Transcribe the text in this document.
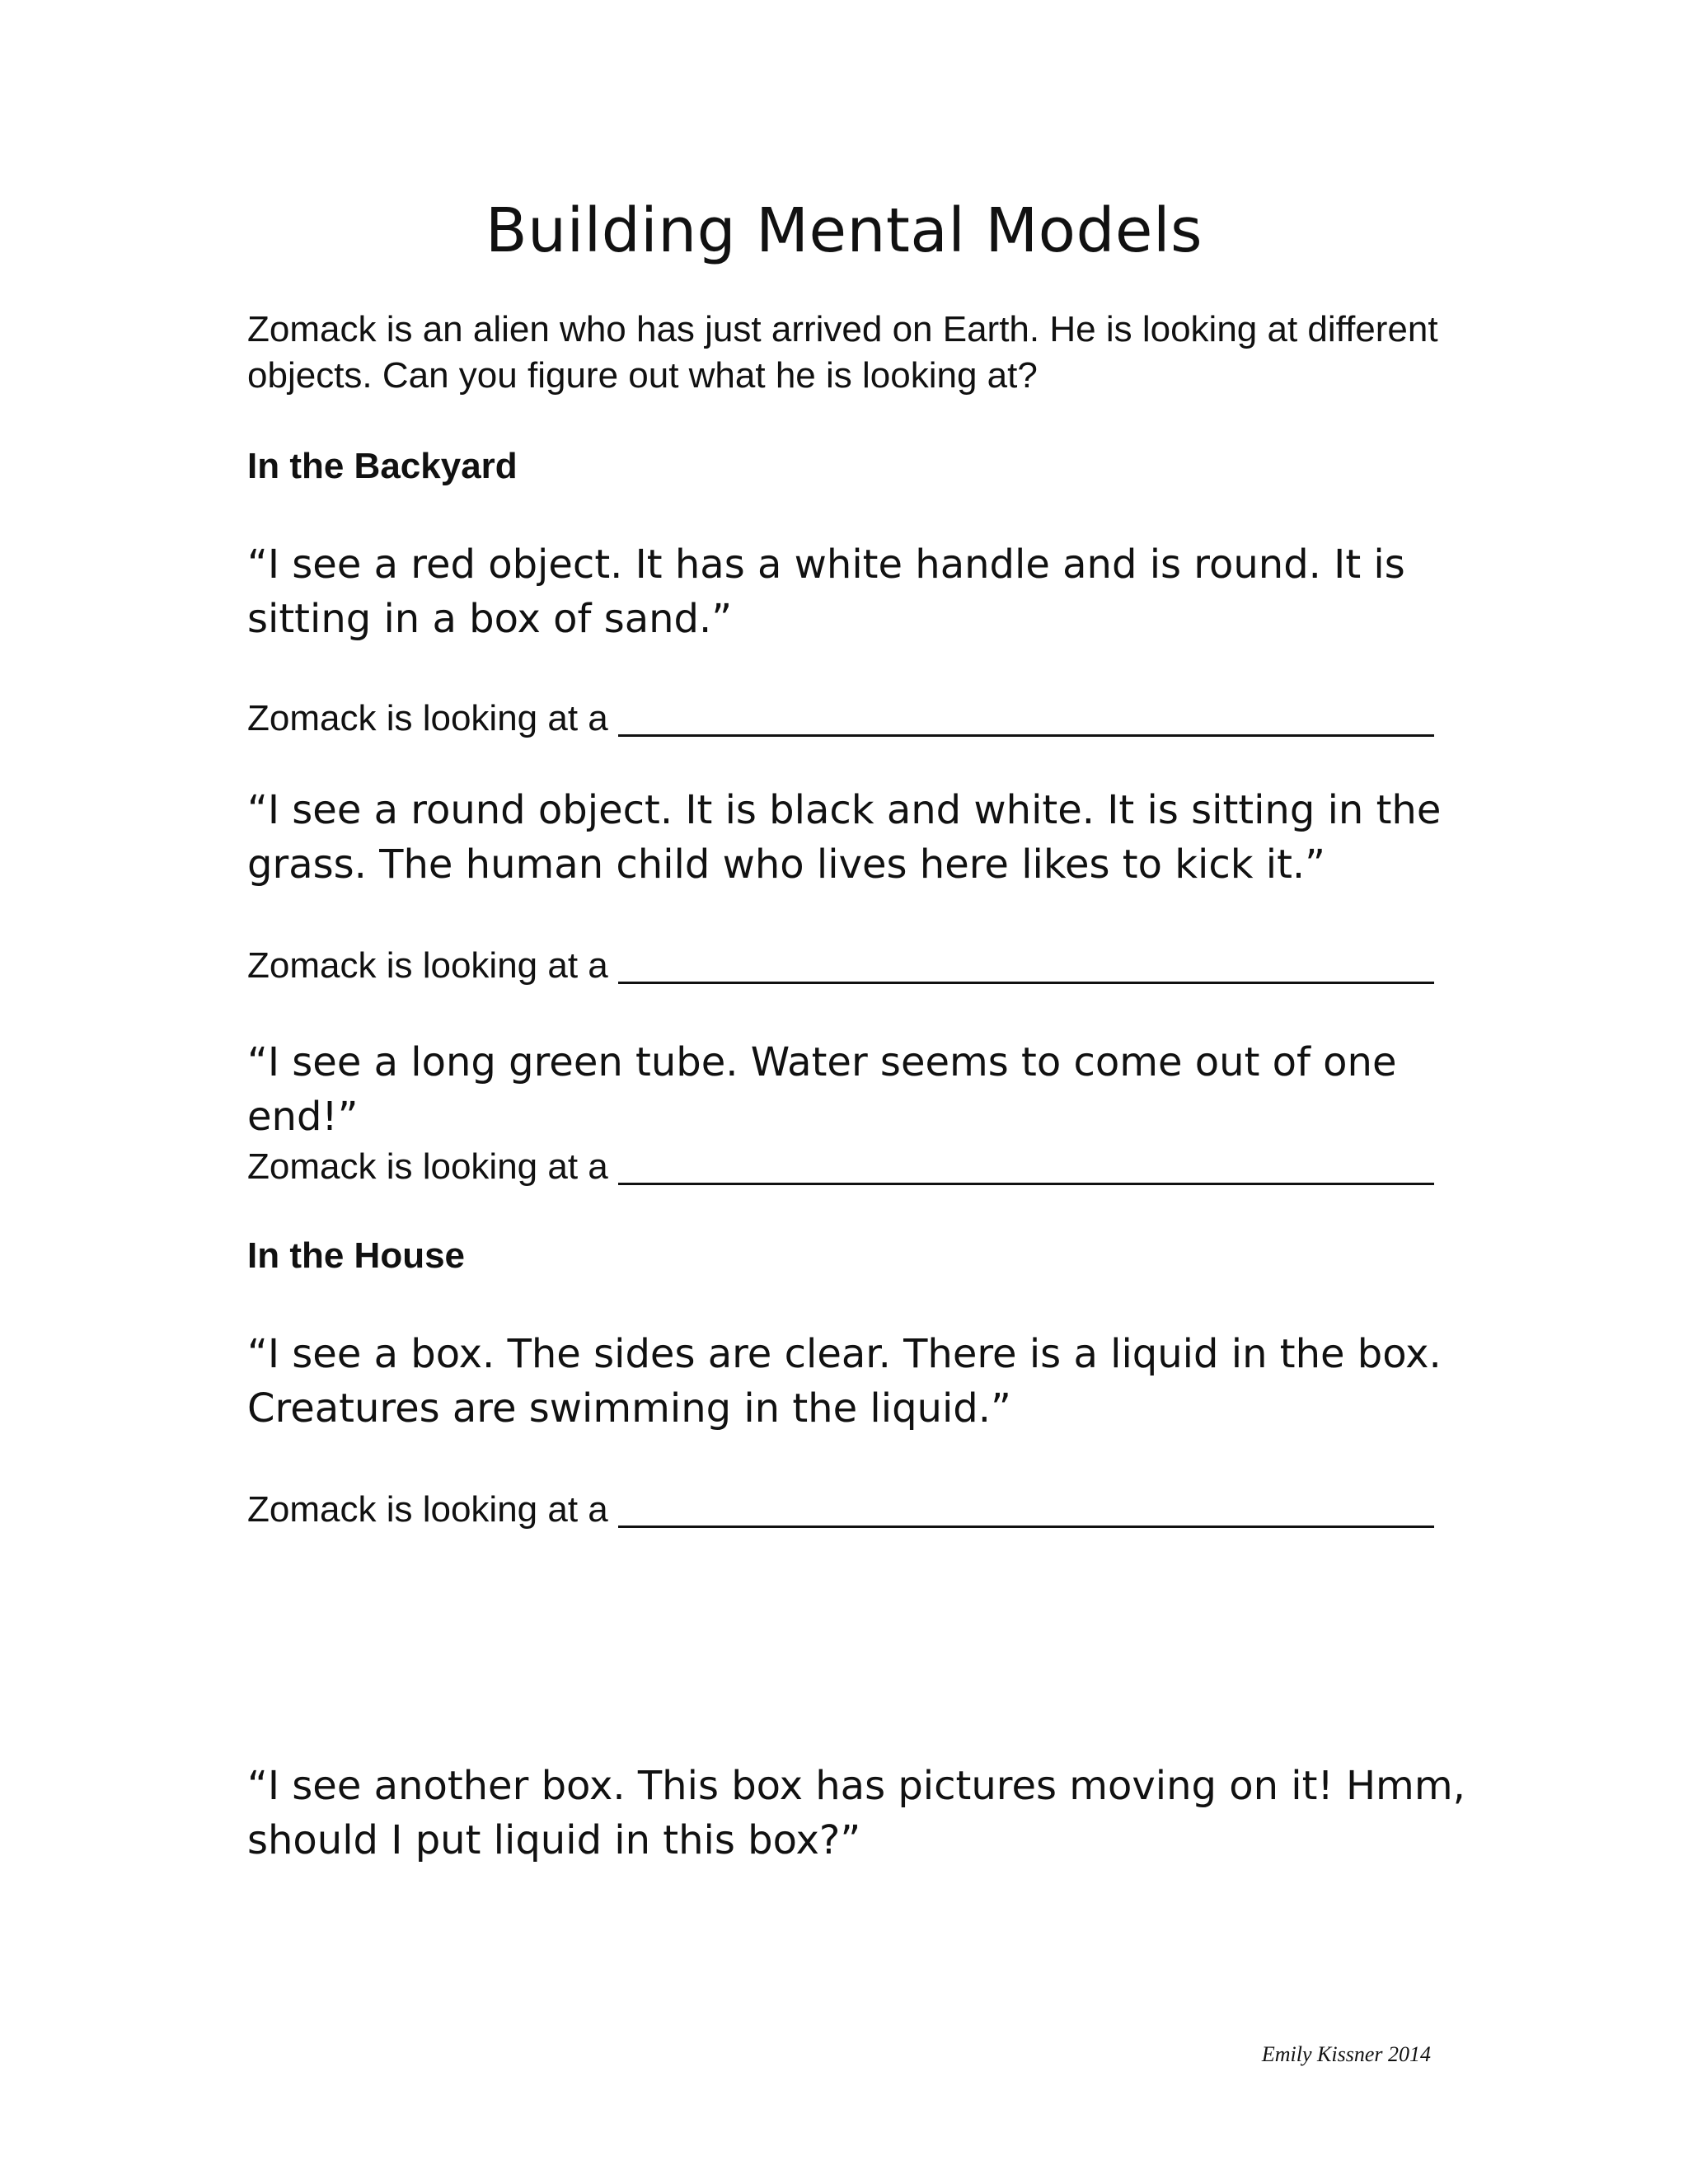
Building Mental Models

Zomack is an alien who has just arrived on Earth. He is looking at different objects. Can you figure out what he is looking at?

In the Backyard

“I see a red object. It has a white handle and is round. It is sitting in a box of sand.”

Zomack is looking at a

“I see a round object. It is black and white. It is sitting in the grass. The human child who lives here likes to kick it.”

Zomack is looking at a

“I see a long green tube. Water seems to come out of one end!”

Zomack is looking at a

In the House

“I see a box. The sides are clear. There is a liquid in the box. Creatures are swimming in the liquid.”

Zomack is looking at a

“I see another box. This box has pictures moving on it! Hmm, should I put liquid in this box?”

Emily Kissner 2014
